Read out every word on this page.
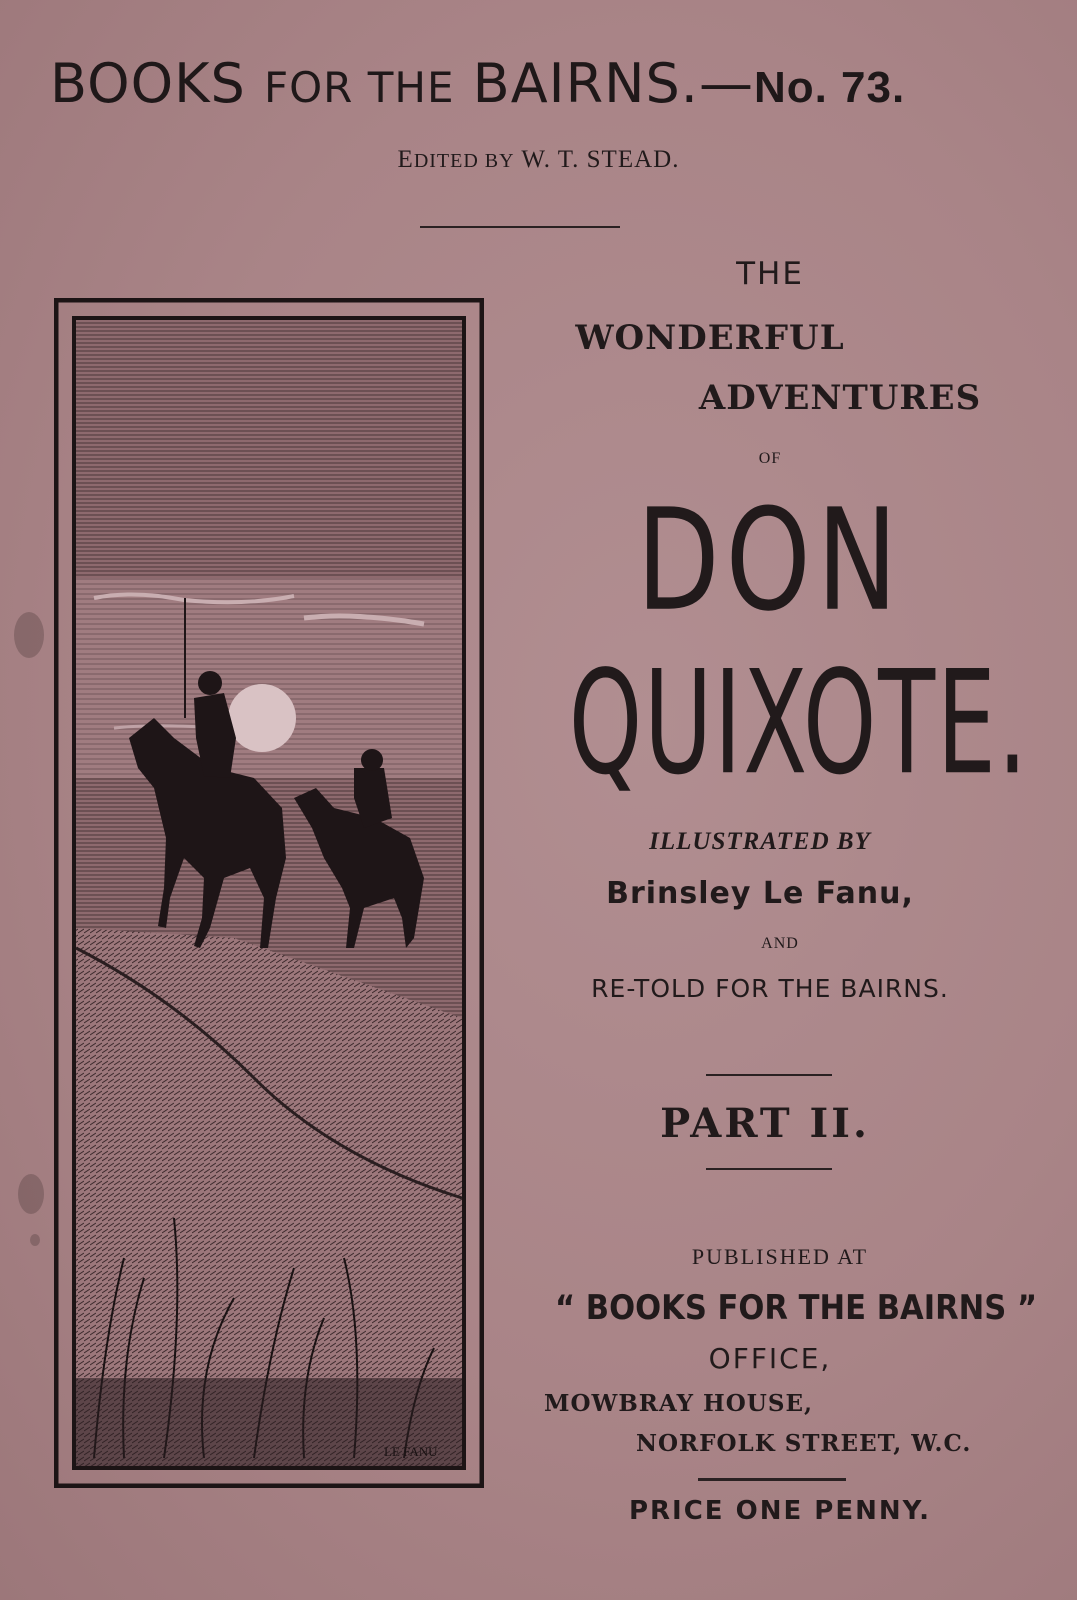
BOOKS FOR THE BAIRNS.—No. 73.
EDITED BY W. T. STEAD.
THE
WONDERFUL
ADVENTURES
OF
DON
QUIXOTE.
ILLUSTRATED BY
Brinsley Le Fanu,
AND
RE-TOLD FOR THE BAIRNS.
PART II.
PUBLISHED AT
“ BOOKS FOR THE BAIRNS ”
OFFICE,
MOWBRAY HOUSE,
NORFOLK STREET, W.C.
PRICE ONE PENNY.
LE FANU
